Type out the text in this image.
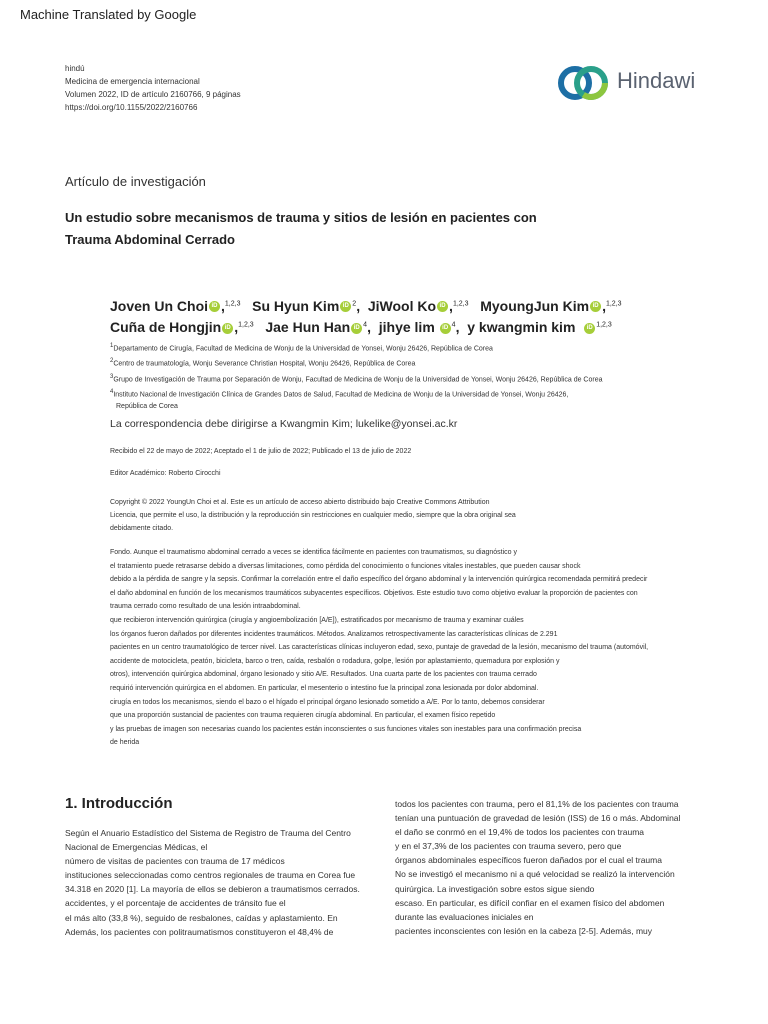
Machine Translated by Google
hindú
Medicina de emergencia internacional
Volumen 2022, ID de artículo 2160766, 9 páginas
https://doi.org/10.1155/2022/2160766
Hindawi
Artículo de investigación
Un estudio sobre mecanismos de trauma y sitios de lesión en pacientes con
Trauma Abdominal Cerrado
Joven Un Choi iD ,$^{1,2,3}$ Su Hyun Kim iD $^2$, JiWool Ko iD ,$^{1,2,3}$ MyoungJun Kim iD ,$^{1,2,3}$
Cuña de Hongjin iD ,$^{1,2,3}$ Jae Hun Han iD $^4$, jihye lim iD $^4$, y kwangmin kim iD $^{1,2,3}$
$^1$Departamento de Cirugía, Facultad de Medicina de Wonju de la Universidad de Yonsei, Wonju 26426, República de Corea
$^2$Centro de traumatología, Wonju Severance Christian Hospital, Wonju 26426, República de Corea
$^3$Grupo de Investigación de Trauma por Separación de Wonju, Facultad de Medicina de Wonju de la Universidad de Yonsei, Wonju 26426, República de Corea
$^4$Instituto Nacional de Investigación Clínica de Grandes Datos de Salud, Facultad de Medicina de Wonju de la Universidad de Yonsei, Wonju 26426,
República de Corea
La correspondencia debe dirigirse a Kwangmin Kim; lukelike@yonsei.ac.kr
Recibido el 22 de mayo de 2022; Aceptado el 1 de julio de 2022; Publicado el 13 de julio de 2022
Editor Académico: Roberto Cirocchi
Copyright © 2022 YoungUn Choi et al. Este es un artículo de acceso abierto distribuido bajo Creative Commons Attribution
Licencia, que permite el uso, la distribución y la reproducción sin restricciones en cualquier medio, siempre que la obra original sea
debidamente citado.
Fondo. Aunque el traumatismo abdominal cerrado a veces se identifica fácilmente en pacientes con traumatismos, su diagnóstico y
el tratamiento puede retrasarse debido a diversas limitaciones, como pérdida del conocimiento o funciones vitales inestables, que pueden causar shock
debido a la pérdida de sangre y la sepsis. Confirmar la correlación entre el daño específico del órgano abdominal y la intervención quirúrgica recomendada permitirá predecir
el daño abdominal en función de los mecanismos traumáticos subyacentes específicos. Objetivos. Este estudio tuvo como objetivo evaluar la proporción de pacientes con
trauma cerrado como resultado de una lesión intraabdominal.
que recibieron intervención quirúrgica (cirugía y angioembolización [A/E]), estratificados por mecanismo de trauma y examinar cuáles
los órganos fueron dañados por diferentes incidentes traumáticos. Métodos. Analizamos retrospectivamente las características clínicas de 2.291
pacientes en un centro traumatológico de tercer nivel. Las características clínicas incluyeron edad, sexo, puntaje de gravedad de la lesión, mecanismo del trauma (automóvil,
accidente de motocicleta, peatón, bicicleta, barco o tren, caída, resbalón o rodadura, golpe, lesión por aplastamiento, quemadura por explosión y
otros), intervención quirúrgica abdominal, órgano lesionado y sitio A/E. Resultados. Una cuarta parte de los pacientes con trauma cerrado
requirió intervención quirúrgica en el abdomen. En particular, el mesenterio o intestino fue la principal zona lesionada por dolor abdominal.
cirugía en todos los mecanismos, siendo el bazo o el hígado el principal órgano lesionado sometido a A/E. Por lo tanto, debemos considerar
que una proporción sustancial de pacientes con trauma requieren cirugía abdominal. En particular, el examen físico repetido
y las pruebas de imagen son necesarias cuando los pacientes están inconscientes o sus funciones vitales son inestables para una confirmación precisa
de herida
1. Introducción
Según el Anuario Estadístico del Sistema de Registro de Trauma del Centro
Nacional de Emergencias Médicas, el
número de visitas de pacientes con trauma de 17 médicos
instituciones seleccionadas como centros regionales de trauma en Corea fue
34.318 en 2020 [1]. La mayoría de ellos se debieron a traumatismos cerrados.
accidentes, y el porcentaje de accidentes de tránsito fue el
el más alto (33,8 %), seguido de resbalones, caídas y aplastamiento. En
Además, los pacientes con politraumatismos constituyeron el 48,4% de
todos los pacientes con trauma, pero el 81,1% de los pacientes con trauma
tenían una puntuación de gravedad de lesión (ISS) de 16 o más. Abdominal
el daño se conrmó en el 19,4% de todos los pacientes con trauma
y en el 37,3% de los pacientes con trauma severo, pero que
órganos abdominales específicos fueron dañados por el cual el trauma
No se investigó el mecanismo ni a qué velocidad se realizó la intervención
quirúrgica. La investigación sobre estos sigue siendo
escaso. En particular, es difícil confiar en el examen físico del abdomen
durante las evaluaciones iniciales en
pacientes inconscientes con lesión en la cabeza [2-5]. Además, muy
